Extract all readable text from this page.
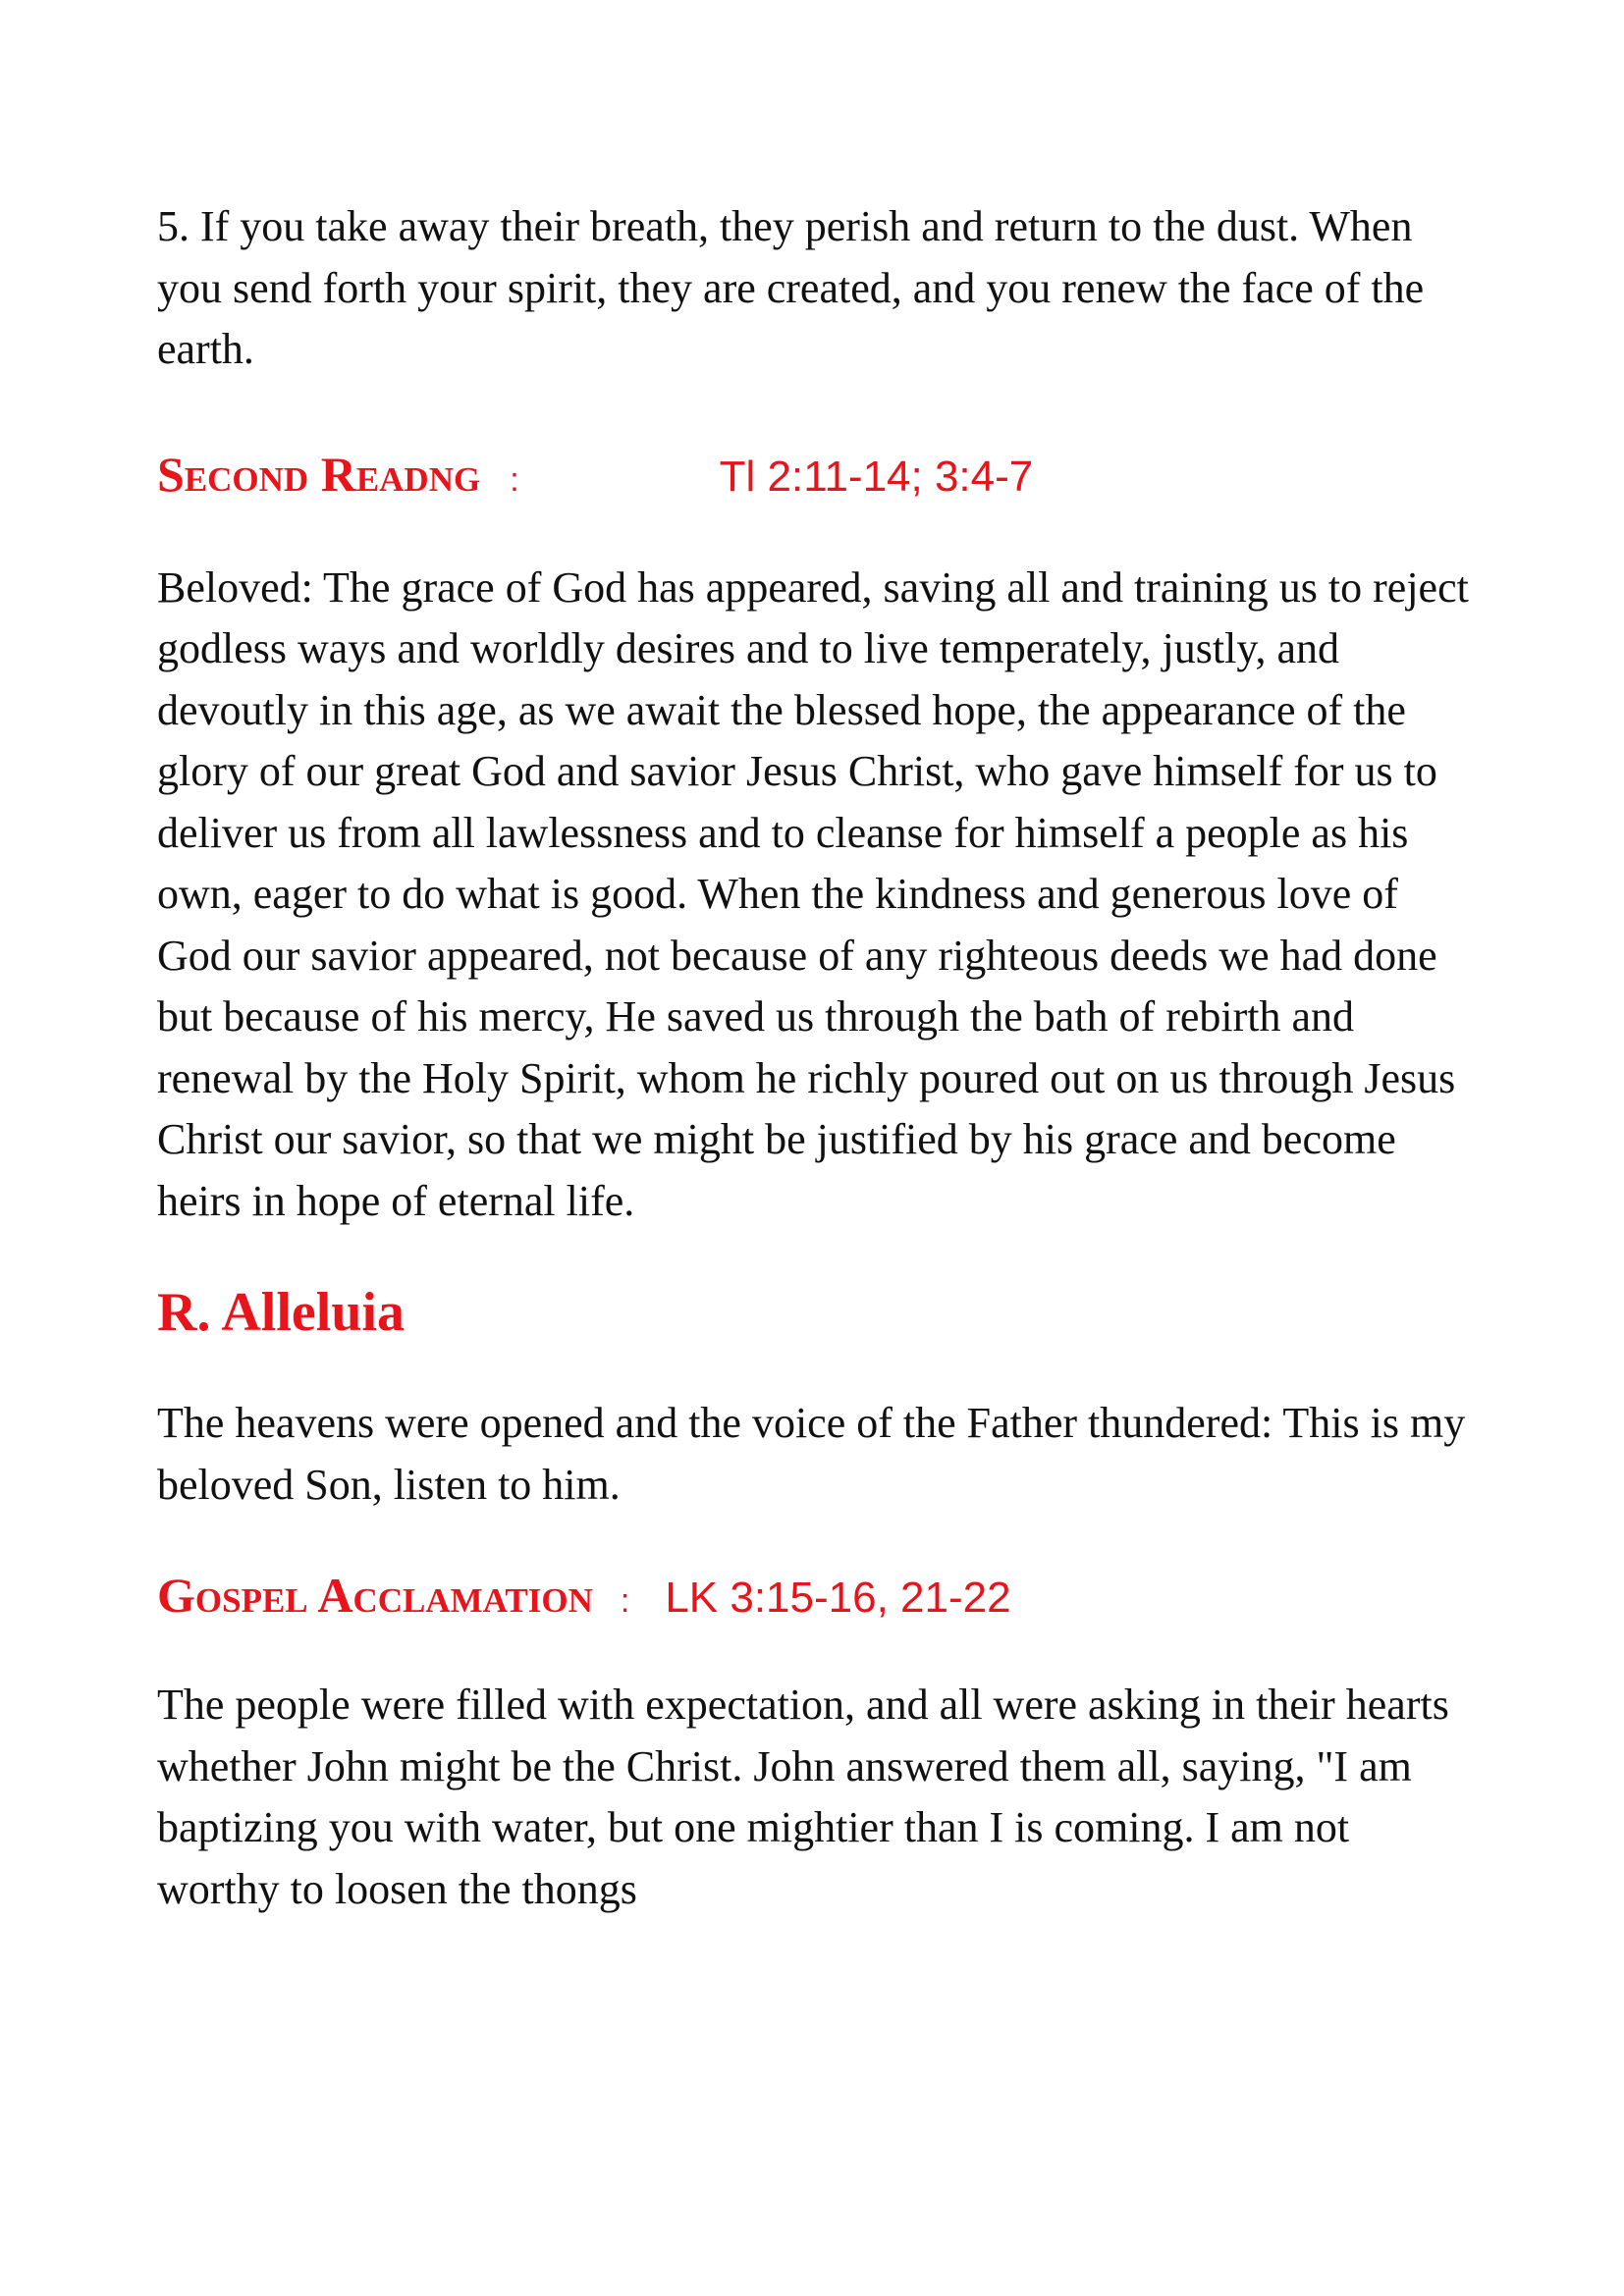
5. If you take away their breath, they perish and return to the dust. When you send forth your spirit, they are created, and you renew the face of the earth.

Second Readng :	Tl 2:11-14; 3:4-7

Beloved: The grace of God has appeared, saving all and training us to reject godless ways and worldly desires and to live temperately, justly, and devoutly in this age, as we await the blessed hope, the appearance of the glory of our great God and savior Jesus Christ, who gave himself for us to deliver us from all lawlessness and to cleanse for himself a people as his own, eager to do what is good. When the kindness and generous love of God our savior appeared, not because of any righteous deeds we had done but because of his mercy, He saved us through the bath of rebirth and renewal by the Holy Spirit, whom he richly poured out on us through Jesus Christ our savior, so that we might be justified by his grace and become heirs in hope of eternal life.

R. Alleluia

The heavens were opened and the voice of the Father thundered: This is my beloved Son, listen to him.

Gospel Acclamation : LK 3:15-16, 21-22

The people were filled with expectation, and all were asking in their hearts whether John might be the Christ. John answered them all, saying, "I am baptizing you with water, but one mightier than I is coming. I am not worthy to loosen the thongs
